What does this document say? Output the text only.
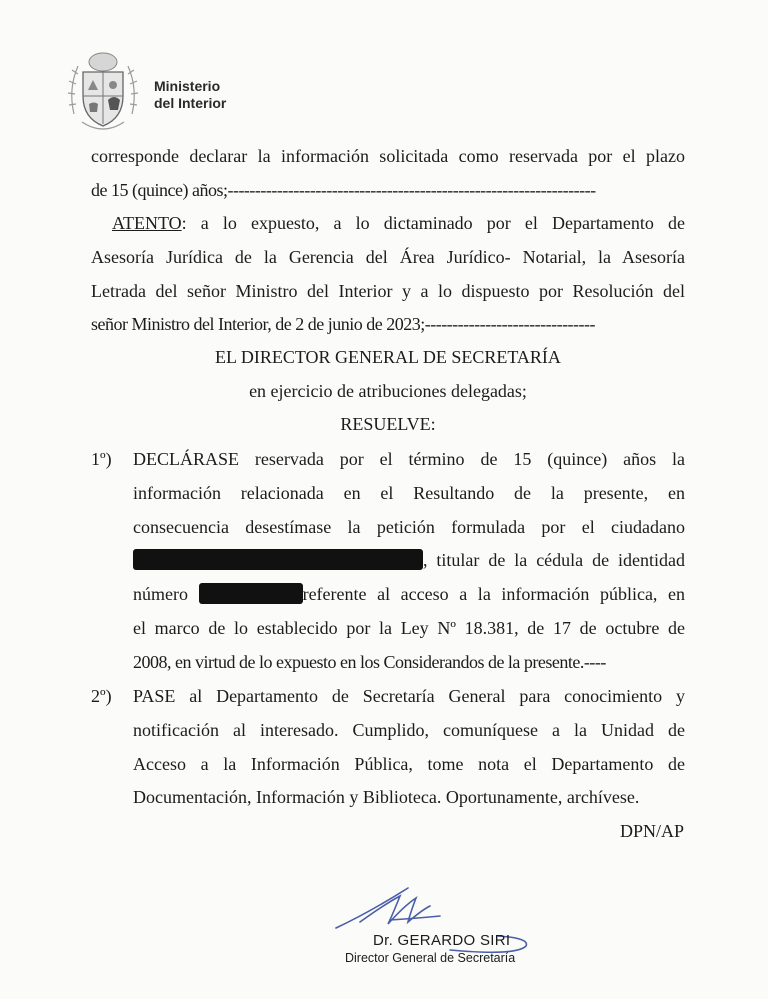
Ministerio
del Interior
corresponde declarar la información solicitada como reservada por el plazo
de 15 (quince) años;-------------------------------------------------------------------
ATENTO: a lo expuesto, a lo dictaminado por el Departamento de
Asesoría Jurídica de la Gerencia del Área Jurídico- Notarial, la Asesoría
Letrada del señor Ministro del Interior y a lo dispuesto por Resolución del
señor Ministro del Interior, de 2 de junio de 2023;-------------------------------
EL DIRECTOR GENERAL DE SECRETARÍA
en ejercicio de atribuciones delegadas;
RESUELVE:
1º) DECLÁRASE reservada por el término de 15 (quince) años la
información relacionada en el Resultando de la presente, en
consecuencia desestímase la petición formulada por el ciudadano
, titular de la cédula de identidad
número	referente al acceso a la información pública, en
el marco de lo establecido por la Ley Nº 18.381, de 17 de octubre de
2008, en virtud de lo expuesto en los Considerandos de la presente.----
2º) PASE al Departamento de Secretaría General para conocimiento y
notificación al interesado. Cumplido, comuníquese a la Unidad de
Acceso a la Información Pública, tome nota el Departamento de
Documentación, Información y Biblioteca. Oportunamente, archívese.
DPN/AP
Dr. GERARDO SIRI
Director General de Secretaría
